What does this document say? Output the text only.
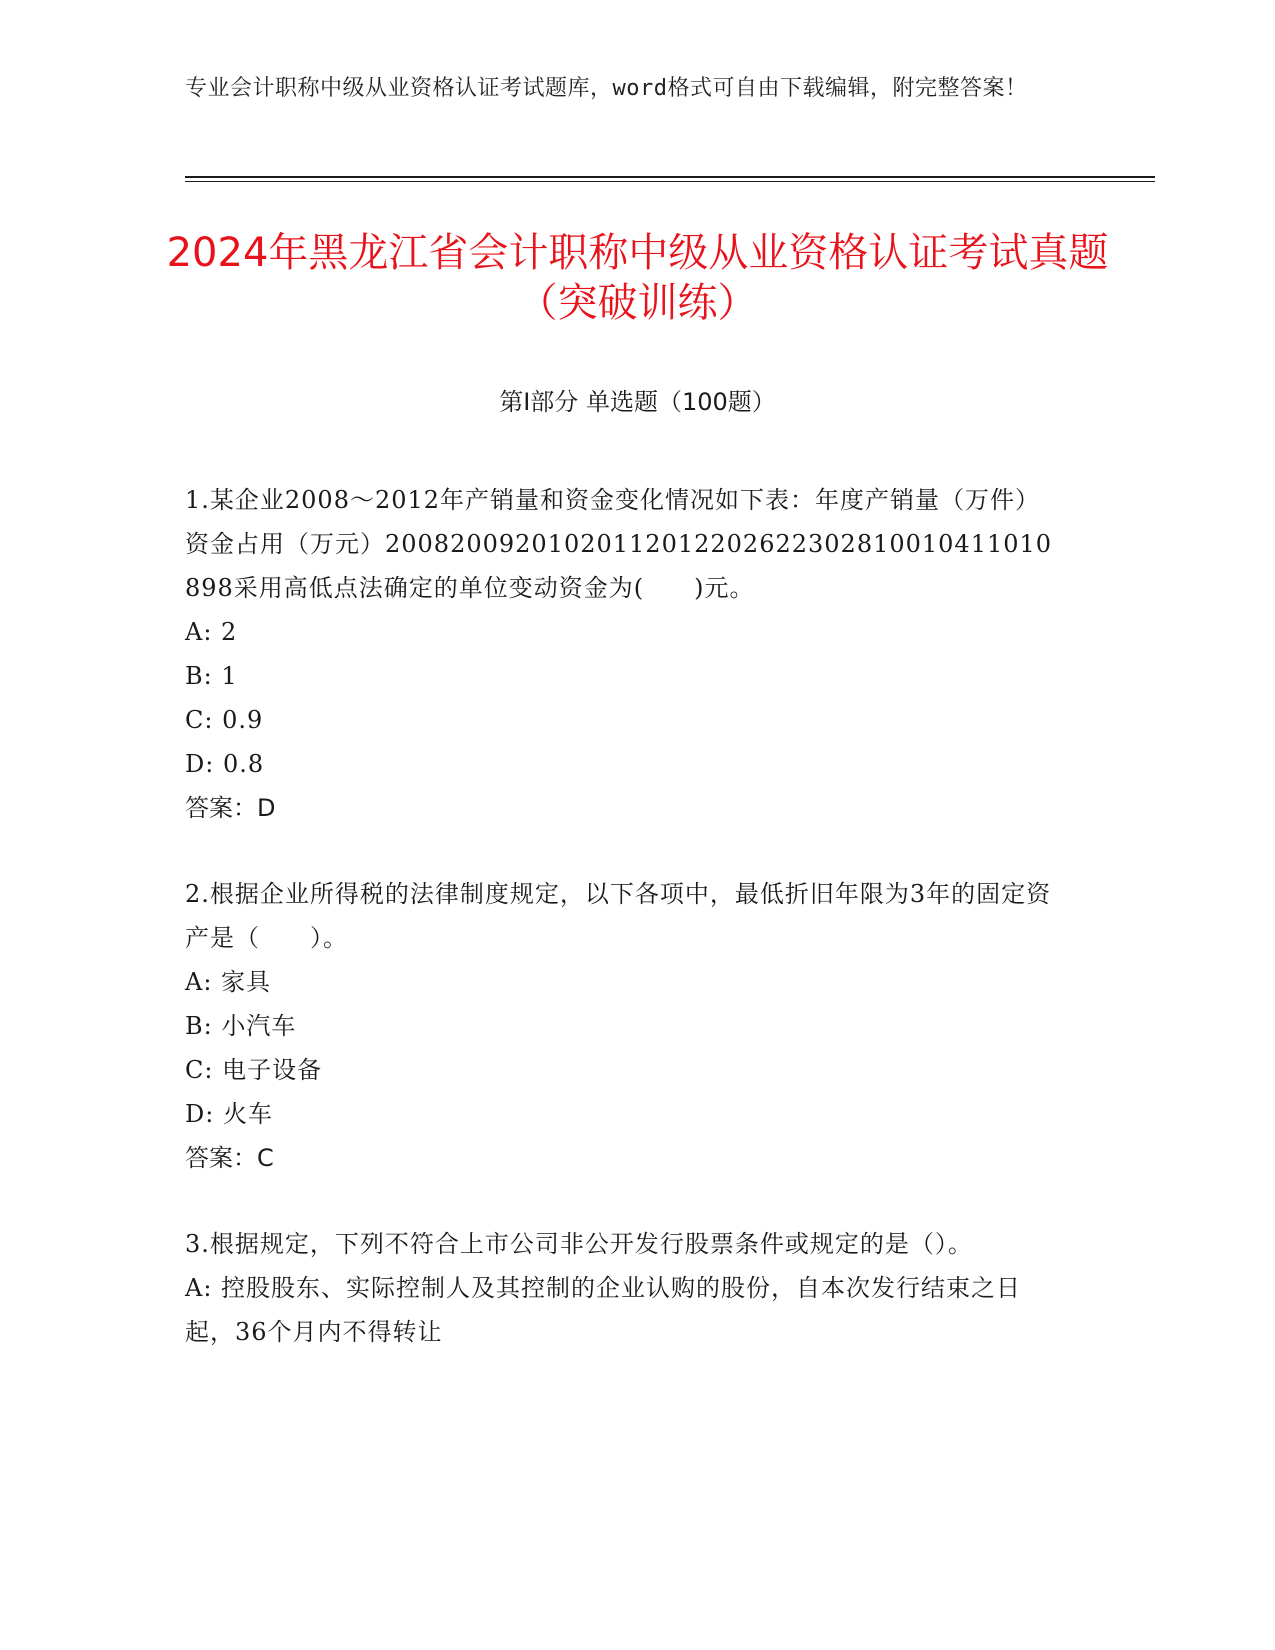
专业会计职称中级从业资格认证考试题库，word格式可自由下载编辑，附完整答案！
2024年黑龙江省会计职称中级从业资格认证考试真题（突破训练）
第Ⅰ部分 单选题（100题）
1.某企业2008～2012年产销量和资金变化情况如下表：年度产销量（万件）资金占用（万元）20082009201020112012202622302810010411010898采用高低点法确定的单位变动资金为(　　)元。
A: 2
B: 1
C: 0.9
D: 0.8
答案：D
2.根据企业所得税的法律制度规定，以下各项中，最低折旧年限为3年的固定资产是（　　）。
A: 家具
B: 小汽车
C: 电子设备
D: 火车
答案：C
3.根据规定，下列不符合上市公司非公开发行股票条件或规定的是（）。
A: 控股股东、实际控制人及其控制的企业认购的股份，自本次发行结束之日起，36个月内不得转让
